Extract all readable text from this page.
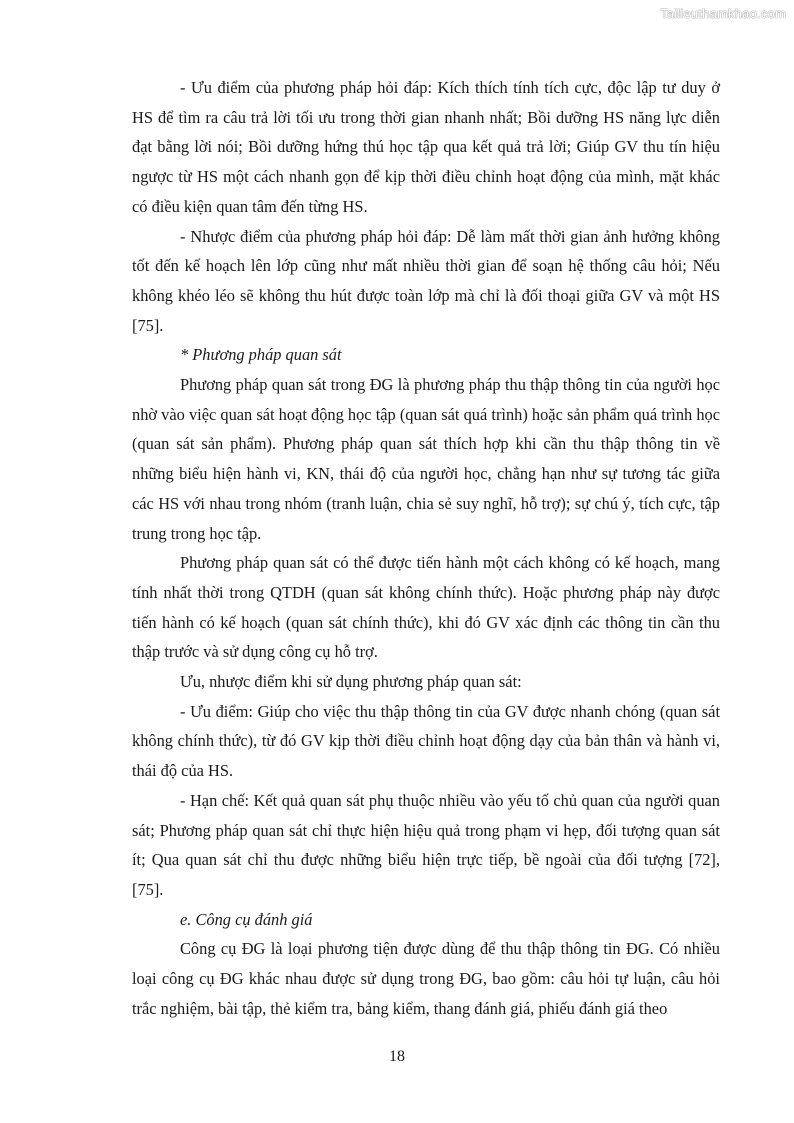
Tailieuthamkhao.com

- Ưu điểm của phương pháp hỏi đáp: Kích thích tính tích cực, độc lập tư duy ở HS để tìm ra câu trả lời tối ưu trong thời gian nhanh nhất; Bồi dưỡng HS năng lực diễn đạt bằng lời nói; Bồi dưỡng hứng thú học tập qua kết quả trả lời; Giúp GV thu tín hiệu ngược từ HS một cách nhanh gọn để kịp thời điều chỉnh hoạt động của mình, mặt khác có điều kiện quan tâm đến từng HS.

- Nhược điểm của phương pháp hỏi đáp: Dễ làm mất thời gian ảnh hưởng không tốt đến kế hoạch lên lớp cũng như mất nhiều thời gian để soạn hệ thống câu hỏi; Nếu không khéo léo sẽ không thu hút được toàn lớp mà chỉ là đối thoại giữa GV và một HS [75].

* Phương pháp quan sát

Phương pháp quan sát trong ĐG là phương pháp thu thập thông tin của người học nhờ vào việc quan sát hoạt động học tập (quan sát quá trình) hoặc sản phẩm quá trình học (quan sát sản phẩm). Phương pháp quan sát thích hợp khi cần thu thập thông tin về những biểu hiện hành vi, KN, thái độ của người học, chẳng hạn như sự tương tác giữa các HS với nhau trong nhóm (tranh luận, chia sẻ suy nghĩ, hỗ trợ); sự chú ý, tích cực, tập trung trong học tập.

Phương pháp quan sát có thể được tiến hành một cách không có kế hoạch, mang tính nhất thời trong QTDH (quan sát không chính thức). Hoặc phương pháp này được tiến hành có kế hoạch (quan sát chính thức), khi đó GV xác định các thông tin cần thu thập trước và sử dụng công cụ hỗ trợ.

Ưu, nhược điểm khi sử dụng phương pháp quan sát:

- Ưu điểm: Giúp cho việc thu thập thông tin của GV được nhanh chóng (quan sát không chính thức), từ đó GV kịp thời điều chỉnh hoạt động dạy của bản thân và hành vi, thái độ của HS.

- Hạn chế: Kết quả quan sát phụ thuộc nhiều vào yếu tố chủ quan của người quan sát; Phương pháp quan sát chỉ thực hiện hiệu quả trong phạm vi hẹp, đối tượng quan sát ít; Qua quan sát chỉ thu được những biểu hiện trực tiếp, bề ngoài của đối tượng [72], [75].

e. Công cụ đánh giá

Công cụ ĐG là loại phương tiện được dùng để thu thập thông tin ĐG. Có nhiều loại công cụ ĐG khác nhau được sử dụng trong ĐG, bao gồm: câu hỏi tự luận, câu hỏi trắc nghiệm, bài tập, thẻ kiểm tra, bảng kiểm, thang đánh giá, phiếu đánh giá theo

18
